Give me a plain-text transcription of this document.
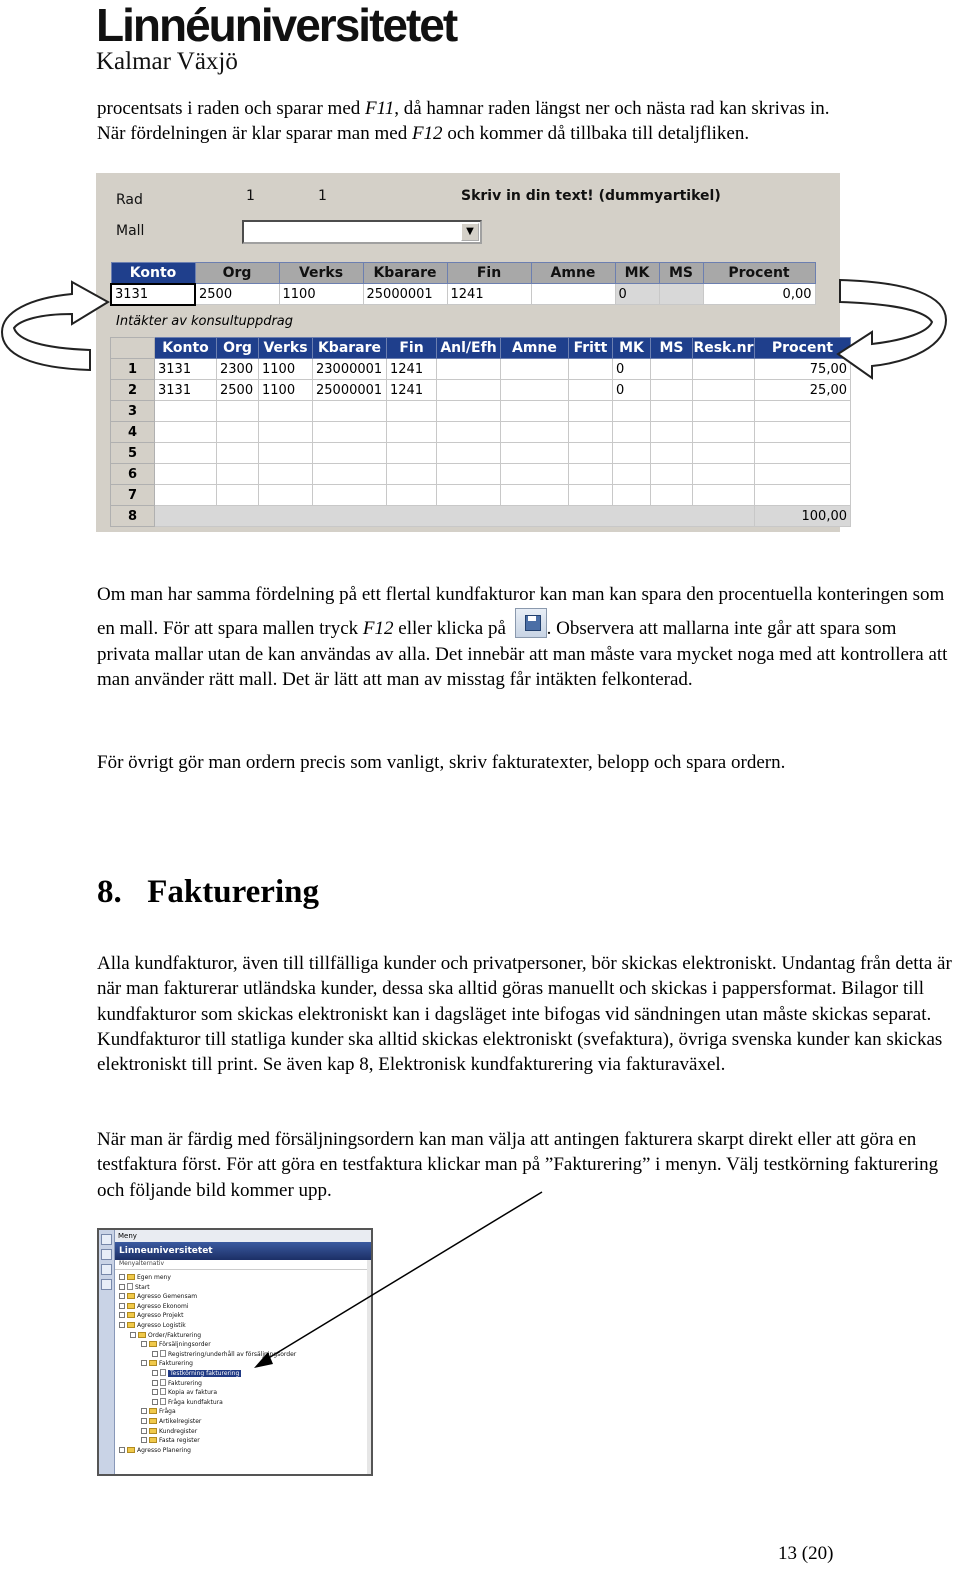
Linnéuniversitetet
Kalmar Växjö
procentsats i raden och sparar med F11, då hamnar raden längst ner och nästa rad kan skrivas in.
När fördelningen är klar sparar man med F12 och kommer då tillbaka till detaljfliken.
Rad	1	1	Skriv in din text! (dummyartikel)
Mall	▼
Konto	Org	Verks	Kbarare	Fin	Amne	MK	MS	Procent
3131	2500	1100	25000001	1241		0		0,00
Intäkter av konsultuppdrag
	Konto	Org	Verks	Kbarare	Fin	Anl/Efh	Amne	Fritt	MK	MS	Resk.nr	Procent
1	3131	2300	1100	23000001	1241				0			75,00
2	3131	2500	1100	25000001	1241				0			25,00
3												
4												
5												
6												
7												
8												100,00
Om man har samma fördelning på ett flertal kundfakturor kan man kan spara den procentuella konteringen som en mall. För att spara mallen tryck F12 eller klicka på . Observera att mallarna inte går att spara som privata mallar utan de kan användas av alla. Det innebär att man måste vara mycket noga med att kontrollera att man använder rätt mall. Det är lätt att man av misstag får intäkten felkonterad.
För övrigt gör man ordern precis som vanligt, skriv fakturatexter, belopp och spara ordern.
8. Fakturering
Alla kundfakturor, även till tillfälliga kunder och privatpersoner, bör skickas elektroniskt. Undantag från detta är när man fakturerar utländska kunder, dessa ska alltid göras manuellt och skickas i pappersformat. Bilagor till kundfakturor som skickas elektroniskt kan i dagsläget inte bifogas vid sändningen utan måste skickas separat. Kundfakturor till statliga kunder ska alltid skickas elektroniskt (svefaktura), övriga svenska kunder kan skickas elektroniskt till print. Se även kap 8, Elektronisk kundfakturering via fakturaväxel.
När man är färdig med försäljningsordern kan man välja att antingen fakturera skarpt direkt eller att göra en testfaktura först. För att göra en testfaktura klickar man på ”Fakturering” i menyn. Välj testkörning fakturering och följande bild kommer upp.
Meny
Linneuniversitetet
Menyalternativ
Egen meny
Start
Agresso Gemensam
Agresso Ekonomi
Agresso Projekt
Agresso Logistik
Order/Fakturering
Försäljningsorder
Registrering/underhåll av försäljningsorder
Fakturering
Testkörning fakturering
Fakturering
Kopia av faktura
Fråga kundfaktura
Fråga
Artikelregister
Kundregister
Fasta register
Agresso Planering
13 (20)
